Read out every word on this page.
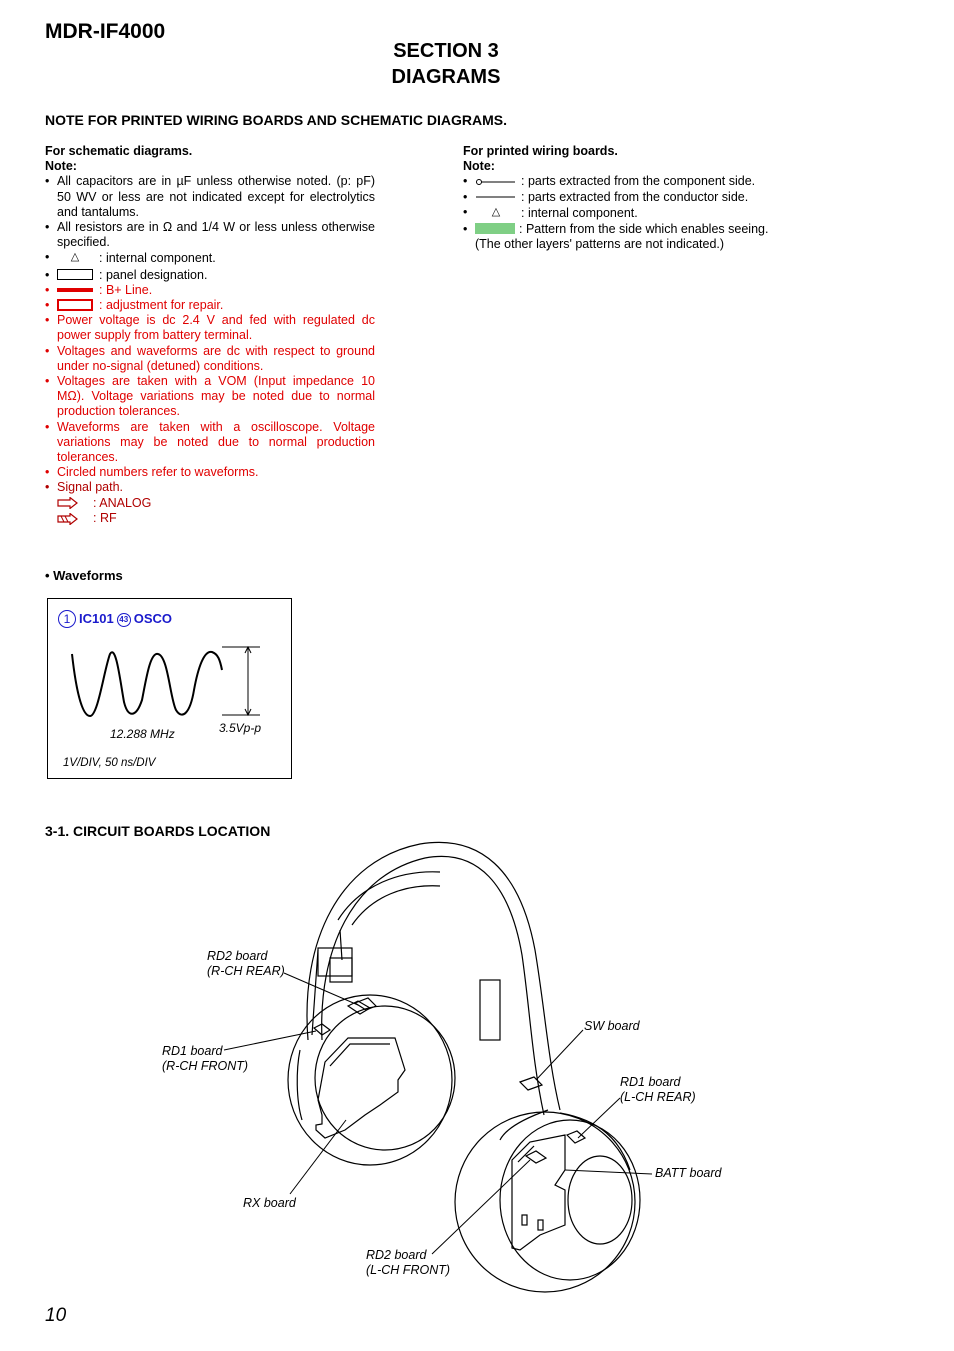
MDR-IF4000
SECTION 3
DIAGRAMS
NOTE FOR PRINTED WIRING BOARDS AND SCHEMATIC DIAGRAMS.
For schematic diagrams.
Note:
• All capacitors are in µF unless otherwise noted. (p: pF) 50 WV or less are not indicated except for electrolytics and tantalums.
• All resistors are in Ω and 1/4 W or less unless otherwise specified.
• △ : internal component.
•	: panel designation.
•	: B+ Line.
•	: adjustment for repair.
• Power voltage is dc 2.4 V and fed with regulated dc power supply from battery terminal.
• Voltages and waveforms are dc with respect to ground under no-signal (detuned) conditions.
• Voltages are taken with a VOM (Input impedance 10 MΩ). Voltage variations may be noted due to normal production tolerances.
• Waveforms are taken with a oscilloscope. Voltage variations may be noted due to normal production tolerances.
• Circled numbers refer to waveforms.
• Signal path.
: ANALOG
: RF
For printed wiring boards.
Note:
•	: parts extracted from the component side.
•	: parts extracted from the conductor side.
• △ : internal component.
•	: Pattern from the side which enables seeing.
(The other layers' patterns are not indicated.)
• Waveforms
1 IC101 43 OSCO
12.288 MHz	3.5Vp-p
1V/DIV, 50 ns/DIV
3-1. CIRCUIT BOARDS LOCATION
RD2 board
(R-CH REAR)
RD1 board
(R-CH FRONT)
SW board
RD1 board
(L-CH REAR)
BATT board
RX board
RD2 board
(L-CH FRONT)
10
